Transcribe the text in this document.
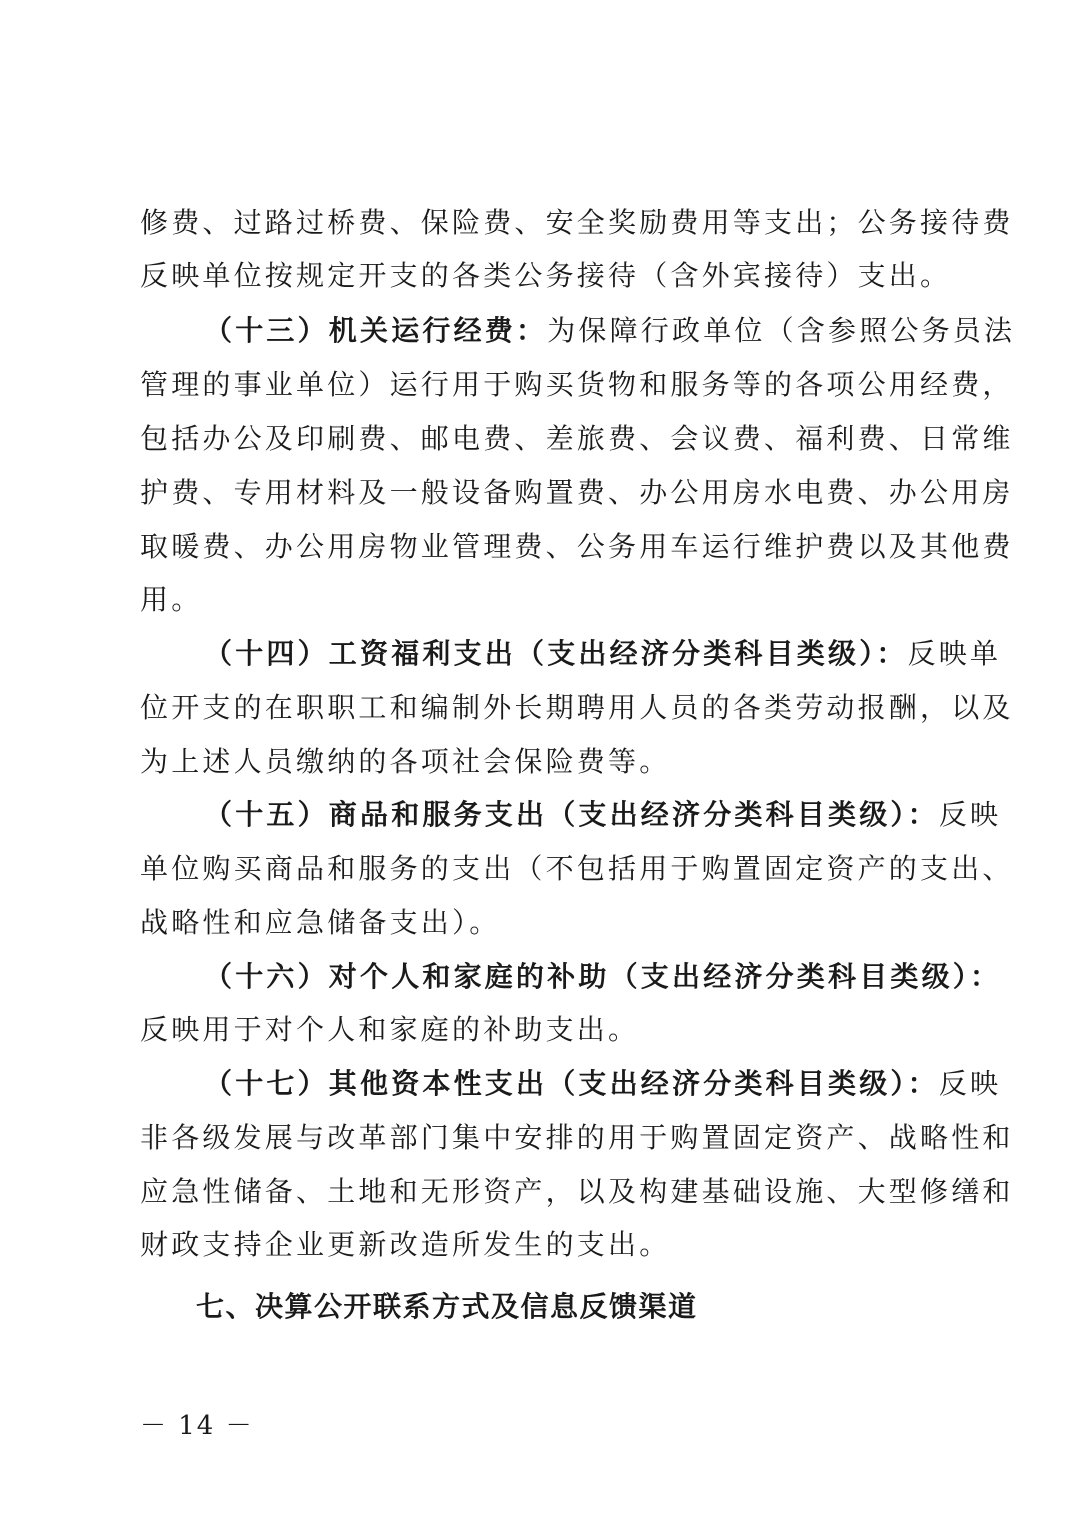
修费、过路过桥费、保险费、安全奖励费用等支出；公务接待费
反映单位按规定开支的各类公务接待（含外宾接待）支出。
（十三）机关运行经费：为保障行政单位（含参照公务员法
管理的事业单位）运行用于购买货物和服务等的各项公用经费，
包括办公及印刷费、邮电费、差旅费、会议费、福利费、日常维
护费、专用材料及一般设备购置费、办公用房水电费、办公用房
取暖费、办公用房物业管理费、公务用车运行维护费以及其他费
用。
（十四）工资福利支出（支出经济分类科目类级）：反映单
位开支的在职职工和编制外长期聘用人员的各类劳动报酬，以及
为上述人员缴纳的各项社会保险费等。
（十五）商品和服务支出（支出经济分类科目类级）：反映
单位购买商品和服务的支出（不包括用于购置固定资产的支出、
战略性和应急储备支出）。
（十六）对个人和家庭的补助（支出经济分类科目类级）：
反映用于对个人和家庭的补助支出。
（十七）其他资本性支出（支出经济分类科目类级）：反映
非各级发展与改革部门集中安排的用于购置固定资产、战略性和
应急性储备、土地和无形资产，以及构建基础设施、大型修缮和
财政支持企业更新改造所发生的支出。
七、决算公开联系方式及信息反馈渠道
－ 14 －
